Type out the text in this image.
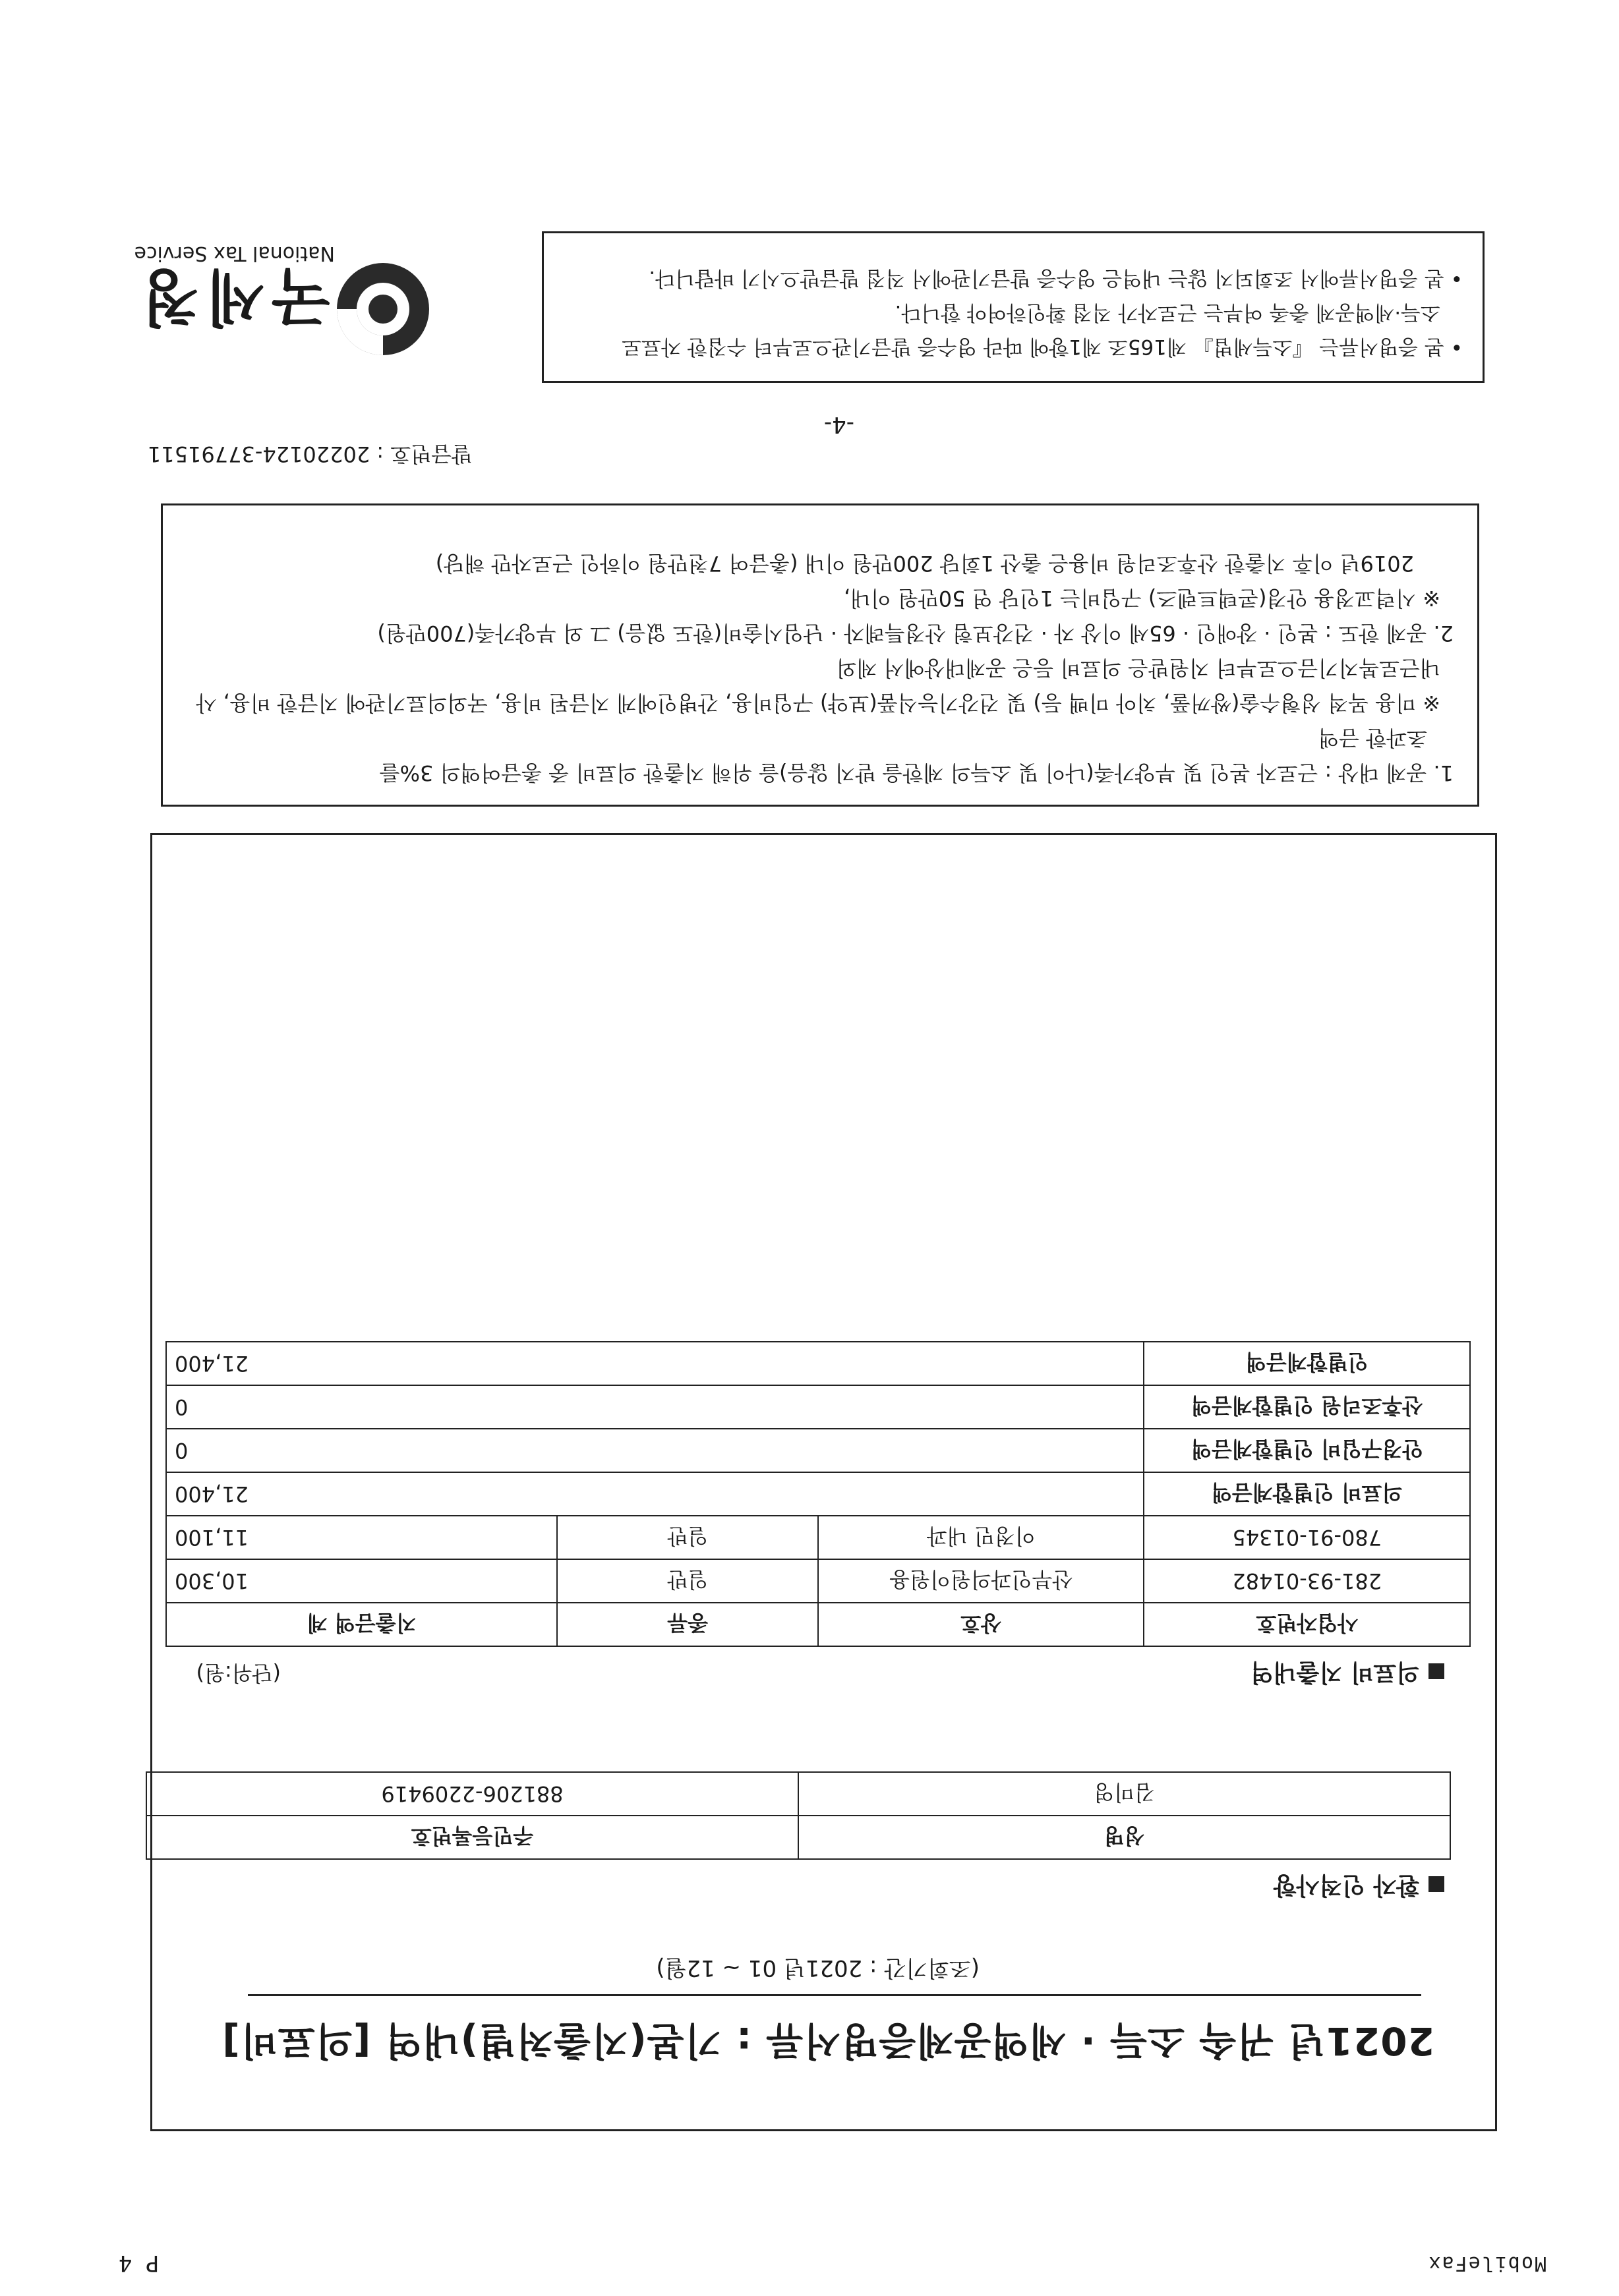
MobileFax
P 4
2021년 귀속 소득 · 세액공제증명서류 : 기본(지출처별)내역 [의료비]
(조회기간 : 2021년 01 ~ 12월)
환자 인적사항
성명	주민등록번호
김미영	881206-2209419
의료비 지출내역
(단위:원)
사업자번호	상호	종류	지출금액 계
281-93-01482	산부인과의원이원용	일반	10,300
780-91-01345	이정민 내과	일반	11,100
의료비 인별합계금액	21,400		
안경구입비 인별합계금액	0		
산후조리원 인별합계금액	0		
인별합계금액	21,400		

1. 공제 대상 : 근로자 본인 및 부양가족(나이 및 소득의 제한을 받지 않음)을 위해 지출한 의료비 중 총급여액의 3%를

초과한 금액

※ 미용 목적 성형수술(쌍꺼풀, 치아 미백 등) 및 건강기능식품(보약) 구입비용, 간병인에게 지급된 비용, 국외의료기관에 지급한 비용, 사내근로복지기금으로부터 지원받은 의료비 등은 공제대상에서 제외

2. 공제 한도 : 본인 · 장애인 · 65세 이상 자 · 건강보험 산정특례자 · 난임시술비(한도 없음) 그 외 부양가족(700만원)

※ 시력교정용 안경(콘택트렌즈) 구입비는 1인당 연 50만원 이내,

2019년 이후 지출한 산후조리원 비용은 출산 1회당 200만원 이내 (총급여 7천만원 이하인 근로자만 해당)

발급번호 : 20220124-37791511
-4-
국세청
National Tax Service

• 본 증명서류는 『소득세법』 제165조 제1항에 따라 영수증 발급기관으로부터 수집한 자료로

소득·세액공제 충족 여부는 근로자가 직접 확인하여야 합니다.

• 본 증명서류에서 조회되지 않는 내역은 영수증 발급기관에서 직접 발급받으시기 바랍니다.
